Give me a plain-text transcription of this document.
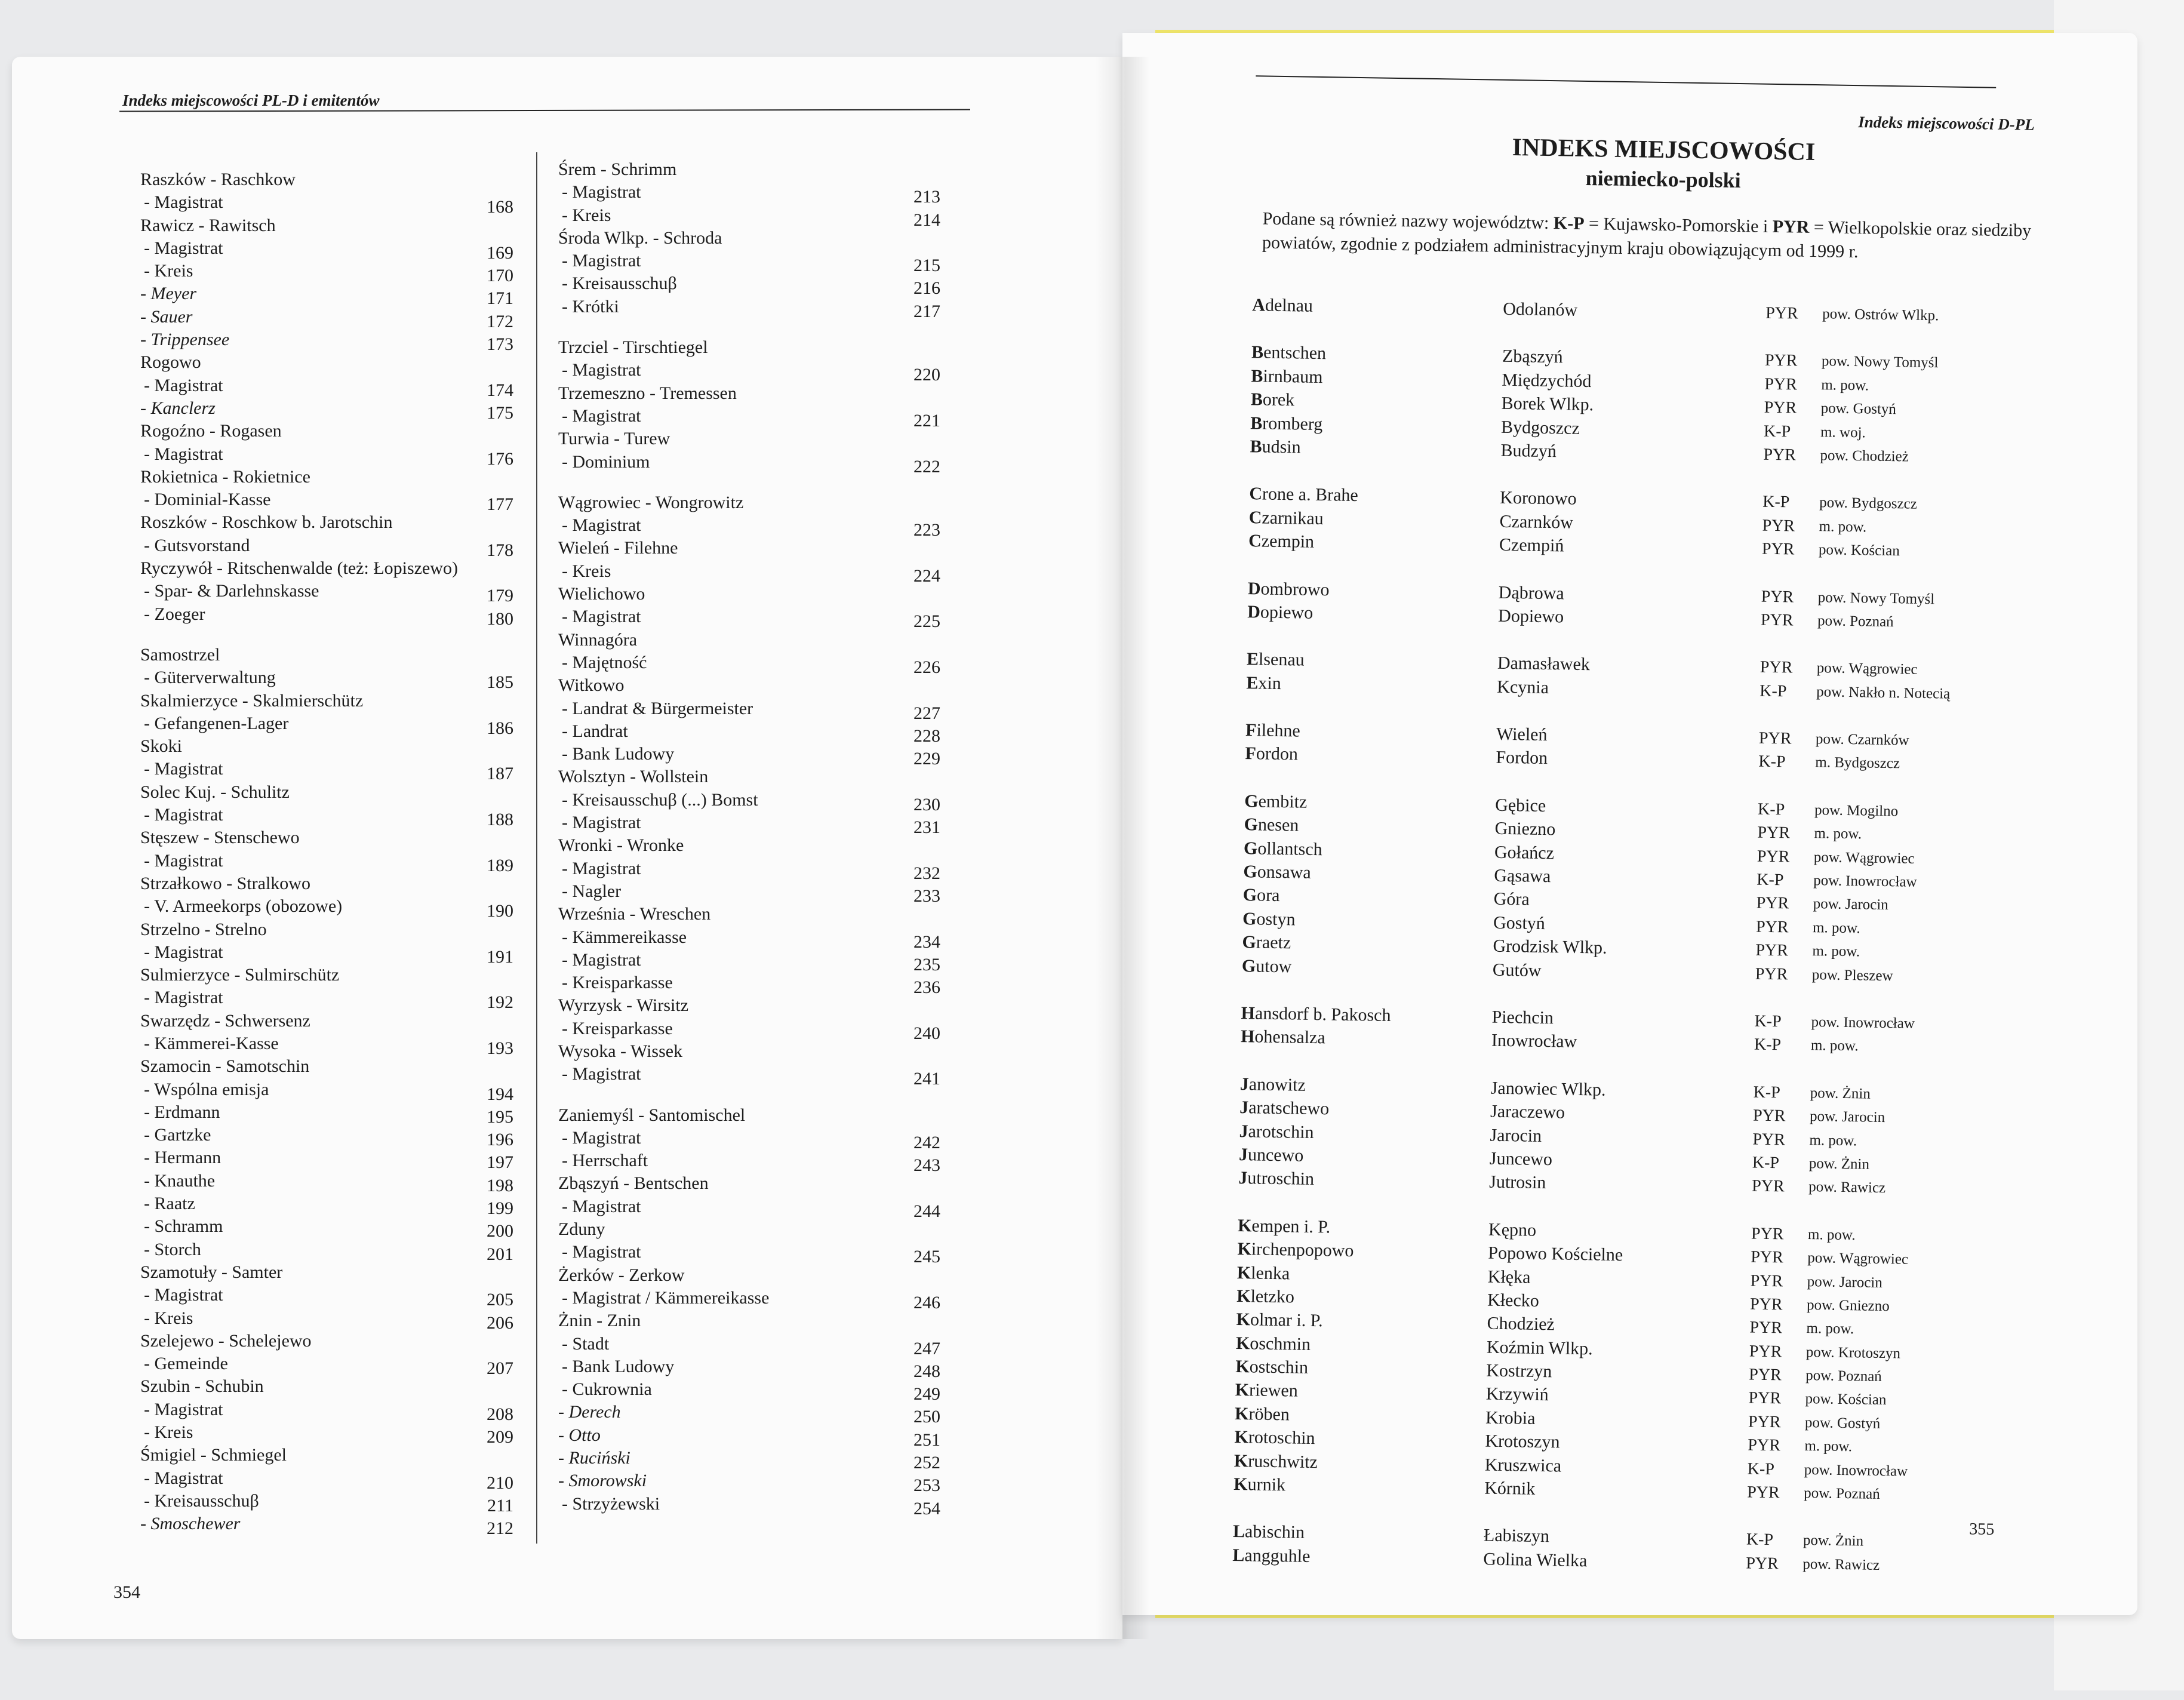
Indeks miejscowości PL-D i emitentów
Raszków - Raschkow
- Magistrat	168
Rawicz - Rawitsch
- Magistrat	169
- Kreis	170
- Meyer	171
- Sauer	172
- Trippensee	173
Rogowo
- Magistrat	174
- Kanclerz	175
Rogoźno - Rogasen
- Magistrat	176
Rokietnica - Rokietnice
- Dominial-Kasse	177
Roszków - Roschkow b. Jarotschin
- Gutsvorstand	178
Ryczywół - Ritschenwalde (też: Łopiszewo)
- Spar- & Darlehnskasse	179
- Zoeger	180
Samostrzel
- Güterverwaltung	185
Skalmierzyce - Skalmierschütz
- Gefangenen-Lager	186
Skoki
- Magistrat	187
Solec Kuj. - Schulitz
- Magistrat	188
Stęszew - Stenschewo
- Magistrat	189
Strzałkowo - Stralkowo
- V. Armeekorps (obozowe)	190
Strzelno - Strelno
- Magistrat	191
Sulmierzyce - Sulmirschütz
- Magistrat	192
Swarzędz - Schwersenz
- Kämmerei-Kasse	193
Szamocin - Samotschin
- Wspólna emisja	194
- Erdmann	195
- Gartzke	196
- Hermann	197
- Knauthe	198
- Raatz	199
- Schramm	200
- Storch	201
Szamotuły - Samter
- Magistrat	205
- Kreis	206
Szelejewo - Schelejewo
- Gemeinde	207
Szubin - Schubin
- Magistrat	208
- Kreis	209
Śmigiel - Schmiegel
- Magistrat	210
- Kreisausschuβ	211
- Smoschewer	212
Śrem - Schrimm
- Magistrat	213
- Kreis	214
Środa Wlkp. - Schroda
- Magistrat	215
- Kreisausschuβ	216
- Krótki	217
Trzciel - Tirschtiegel
- Magistrat	220
Trzemeszno - Tremessen
- Magistrat	221
Turwia - Turew
- Dominium	222
Wągrowiec - Wongrowitz
- Magistrat	223
Wieleń - Filehne
- Kreis	224
Wielichowo
- Magistrat	225
Winnagóra
- Majętność	226
Witkowo
- Landrat & Bürgermeister	227
- Landrat	228
- Bank Ludowy	229
Wolsztyn - Wollstein
- Kreisausschuβ (...) Bomst	230
- Magistrat	231
Wronki - Wronke
- Magistrat	232
- Nagler	233
Września - Wreschen
- Kämmereikasse	234
- Magistrat	235
- Kreisparkasse	236
Wyrzysk - Wirsitz
- Kreisparkasse	240
Wysoka - Wissek
- Magistrat	241
Zaniemyśl - Santomischel
- Magistrat	242
- Herrschaft	243
Zbąszyń - Bentschen
- Magistrat	244
Zduny
- Magistrat	245
Żerków - Zerkow
- Magistrat / Kämmereikasse	246
Żnin - Znin
- Stadt	247
- Bank Ludowy	248
- Cukrownia	249
- Derech	250
- Otto	251
- Ruciński	252
- Smorowski	253
- Strzyżewski	254
354
Indeks miejscowości D-PL
INDEKS MIEJSCOWOŚCI
niemiecko-polski
Podane są również nazwy województw: K-P = Kujawsko-Pomorskie i PYR = Wielkopolskie oraz siedziby powiatów, zgodnie z podziałem administracyjnym kraju obowiązującym od 1999 r.
Adelnau	Odolanów	PYR pow. Ostrów Wlkp.
Bentschen	Zbąszyń	PYR pow. Nowy Tomyśl
Birnbaum	Międzychód	PYR m. pow.
Borek	Borek Wlkp.	PYR pow. Gostyń
Bromberg	Bydgoszcz	K-P m. woj.
Budsin	Budzyń	PYR pow. Chodzież
Crone a. Brahe	Koronowo	K-P pow. Bydgoszcz
Czarnikau	Czarnków	PYR m. pow.
Czempin	Czempiń	PYR pow. Kościan
Dombrowo	Dąbrowa	PYR pow. Nowy Tomyśl
Dopiewo	Dopiewo	PYR pow. Poznań
Elsenau	Damasławek	PYR pow. Wągrowiec
Exin	Kcynia	K-P pow. Nakło n. Notecią
Filehne	Wieleń	PYR pow. Czarnków
Fordon	Fordon	K-P m. Bydgoszcz
Gembitz	Gębice	K-P pow. Mogilno
Gnesen	Gniezno	PYR m. pow.
Gollantsch	Gołańcz	PYR pow. Wągrowiec
Gonsawa	Gąsawa	K-P pow. Inowrocław
Gora	Góra	PYR pow. Jarocin
Gostyn	Gostyń	PYR m. pow.
Graetz	Grodzisk Wlkp.	PYR m. pow.
Gutow	Gutów	PYR pow. Pleszew
Hansdorf b. Pakosch	Piechcin	K-P pow. Inowrocław
Hohensalza	Inowrocław	K-P m. pow.
Janowitz	Janowiec Wlkp.	K-P pow. Żnin
Jaratschewo	Jaraczewo	PYR pow. Jarocin
Jarotschin	Jarocin	PYR m. pow.
Juncewo	Juncewo	K-P pow. Żnin
Jutroschin	Jutrosin	PYR pow. Rawicz
Kempen i. P.	Kępno	PYR m. pow.
Kirchenpopowo	Popowo Kościelne	PYR pow. Wągrowiec
Klenka	Kłęka	PYR pow. Jarocin
Kletzko	Kłecko	PYR pow. Gniezno
Kolmar i. P.	Chodzież	PYR m. pow.
Koschmin	Koźmin Wlkp.	PYR pow. Krotoszyn
Kostschin	Kostrzyn	PYR pow. Poznań
Kriewen	Krzywiń	PYR pow. Kościan
Kröben	Krobia	PYR pow. Gostyń
Krotoschin	Krotoszyn	PYR m. pow.
Kruschwitz	Kruszwica	K-P pow. Inowrocław
Kurnik	Kórnik	PYR pow. Poznań
Labischin	Łabiszyn	K-P pow. Żnin
Langguhle	Golina Wielka	PYR pow. Rawicz
355
